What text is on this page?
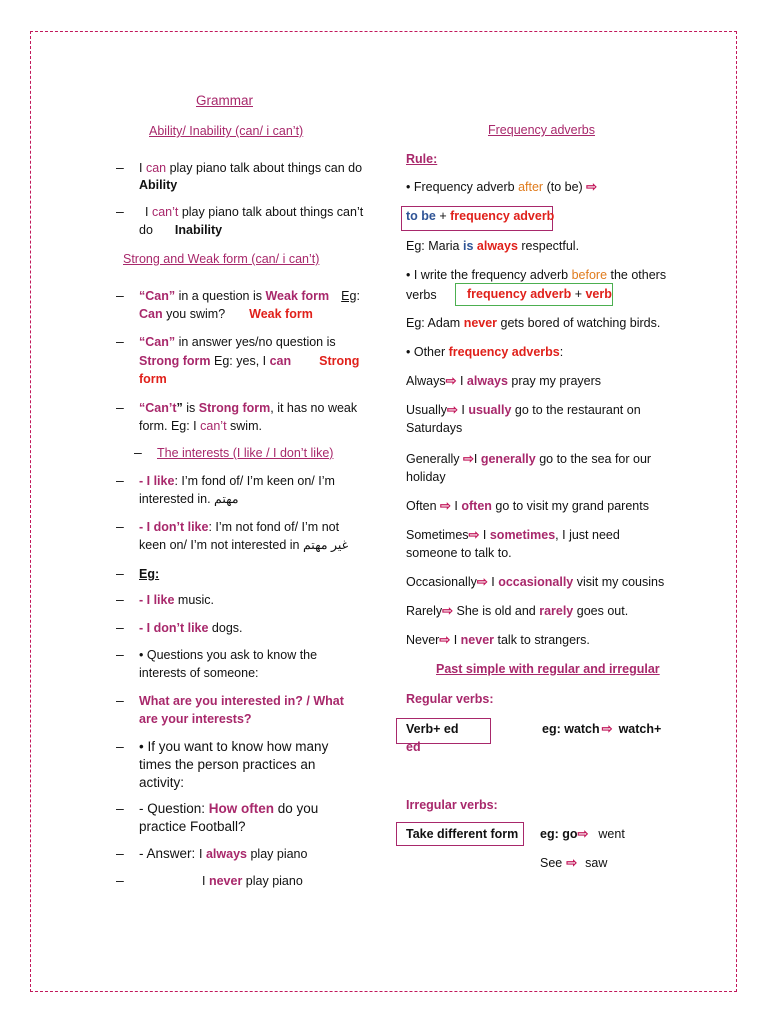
Grammar
Ability/ Inability (can/ i can’t)
– I can play piano talk about things can do
Ability
– I can’t play piano talk about things can’t
do Inability
Strong and Weak form (can/ i can’t)
– “Can” in a question is Weak form Eg:
Can you swim? Weak form
– “Can” in answer yes/no question is
Strong form Eg: yes, I can Strong
form
– “Can’t” is Strong form, it has no weak
form. Eg: I can’t swim.
– The interests (I like / I don’t like)
– - I like: I’m fond of/ I’m keen on/ I’m
interested in. مهتم
– - I don’t like: I’m not fond of/ I’m not
keen on/ I’m not interested in غير مهتم
– Eg:
– - I like music.
– - I don’t like dogs.
– • Questions you ask to know the
interests of someone:
– What are you interested in? / What
are your interests?
– • If you want to know how many
times the person practices an
activity:
– - Question: How often do you
practice Football?
– - Answer: I always play piano
–	I never play piano
Frequency adverbs
Rule:
• Frequency adverb after (to be) ⇨
to be + frequency adverb
Eg: Maria is always respectful.
• I write the frequency adverb before the others
verbs frequency adverb + verb
Eg: Adam never gets bored of watching birds.
• Other frequency adverbs:
Always⇨ I always pray my prayers
Usually⇨ I usually go to the restaurant on
Saturdays
Generally ⇨I generally go to the sea for our
holiday
Often ⇨ I often go to visit my grand parents
Sometimes⇨ I sometimes, I just need
someone to talk to.
Occasionally⇨ I occasionally visit my cousins
Rarely⇨ She is old and rarely goes out.
Never⇨ I never talk to strangers.
Past simple with regular and irregular
Regular verbs:
Verb+ ed
ed
eg: watch ⇨ watch+
Irregular verbs:
Take different form eg: go⇨ went
See ⇨ saw
